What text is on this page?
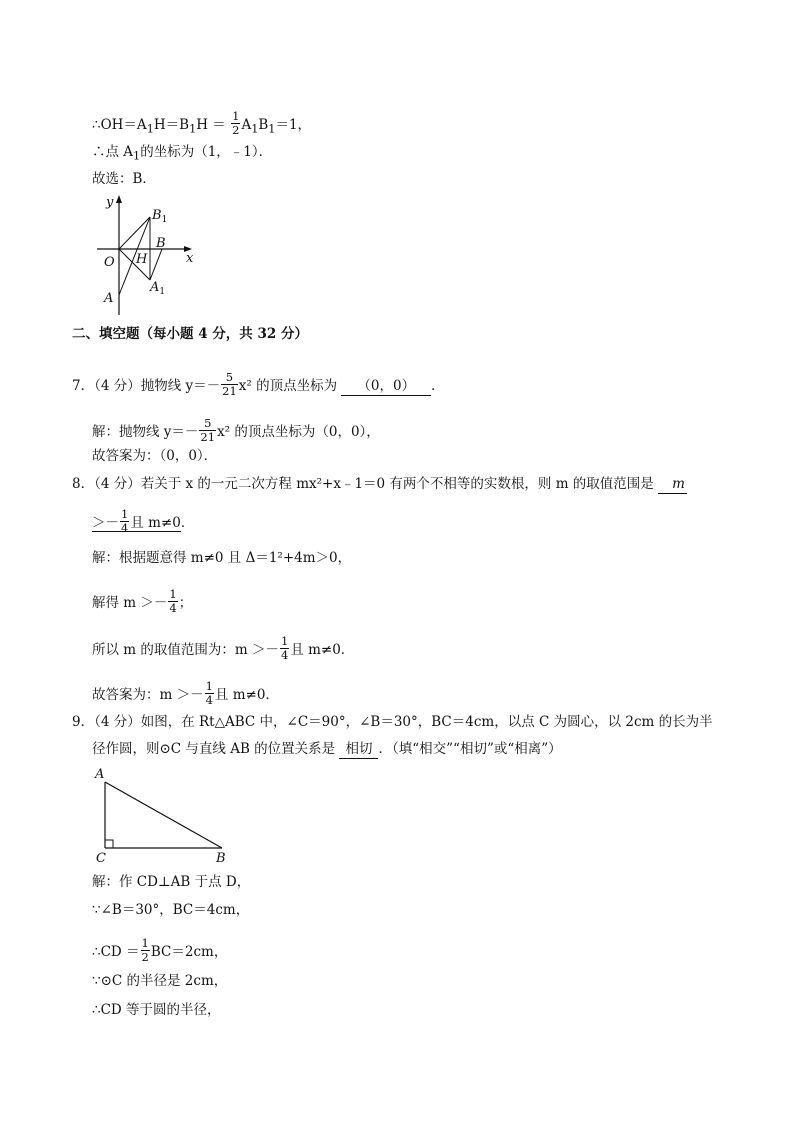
$\therefore OH=A_1H=B_1H = \frac{1}{2} A_1B_1=1$，
∴点 $A_1$的坐标为（1，﹣1）．
故选：B．
y
x
O
A
B
H
$B_1$
$A_1$
二、填空题（每小题 4 分，共 32 分）
7．（4 分）抛物线 $y=- \frac{5}{21} x^2$ 的顶点坐标为 （0，0） ．
解：抛物线 $y=- \frac{5}{21} x^2$ 的顶点坐标为（0，0），
故答案为：（0，0）．
8．（4 分）若关于 x 的一元二次方程 mx²+x﹣1＝0 有两个不相等的实数根，则 m 的取值范围是 m
＞－ $\frac{1}{4}$ 且 m≠0．
解：根据题意得 m≠0 且 Δ＝1²+4m＞0，
解得 $m >- \frac{1}{4}$ ；
所以 m 的取值范围为：$m >- \frac{1}{4}$ 且 m≠0．
故答案为：$m >- \frac{1}{4}$ 且 m≠0．
9．（4 分）如图，在 Rt△ABC 中，∠C＝90°，∠B＝30°，BC＝4cm，以点 C 为圆心，以 2cm 的长为半
径作圆，则⊙C 与直线 AB 的位置关系是 相切 ．（填“相交”“相切”或“相离”）
A
C	B
解：作 CD⊥AB 于点 D，
∵∠B＝30°，BC＝4cm，
∴CD ＝ $\frac{1}{2} BC=2cm$，
∵⊙C 的半径是 2cm，
∴CD 等于圆的半径，
